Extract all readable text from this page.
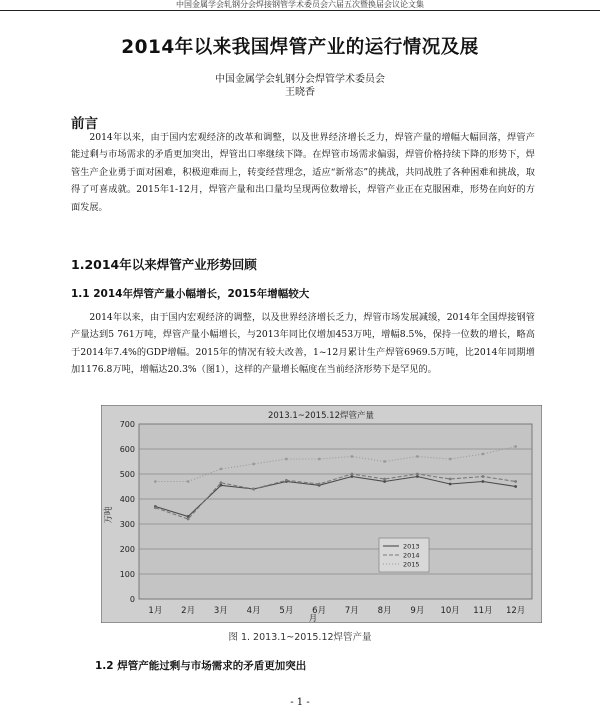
中国金属学会轧钢分会焊接钢管学术委员会六届五次暨换届会议论文集
2014年以来我国焊管产业的运行情况及展
中国金属学会轧钢分会焊管学术委员会
王晓香
前言

2014年以来，由于国内宏观经济的改革和调整，以及世界经济增长乏力，焊管产量的增幅大幅回落，焊管产能过剩与市场需求的矛盾更加突出，焊管出口率继续下降。在焊管市场需求偏弱，焊管价格持续下降的形势下，焊管生产企业勇于面对困难，积极迎难而上，转变经营理念，适应“新常态”的挑战，共同战胜了各种困难和挑战，取得了可喜成就。2015年1-12月，焊管产量和出口量均呈现两位数增长，焊管产业正在克服困难，形势在向好的方面发展。

1.2014年以来焊管产业形势回顾
1.1 2014年焊管产量小幅增长，2015年增幅较大

2014年以来，由于国内宏观经济的调整，以及世界经济增长乏力，焊管市场发展减缓，2014年全国焊接钢管产量达到5 761万吨，焊管产量小幅增长，与2013年同比仅增加453万吨，增幅8.5%，保持一位数的增长，略高于2014年7.4%的GDP增幅。2015年的情况有较大改善，1~12月累计生产焊管6969.5万吨，比2014年同期增加1176.8万吨，增幅达20.3%（图1），这样的产量增长幅度在当前经济形势下是罕见的。

2013.1~2015.12焊管产量
万吨
月
0
100
200
300
400
500
600
700
1月 2月 3月 4月 5月 6月 7月 8月 9月 10月 11月 12月
2013
2014
2015
图 1. 2013.1~2015.12焊管产量
1.2 焊管产能过剩与市场需求的矛盾更加突出
- 1 -
